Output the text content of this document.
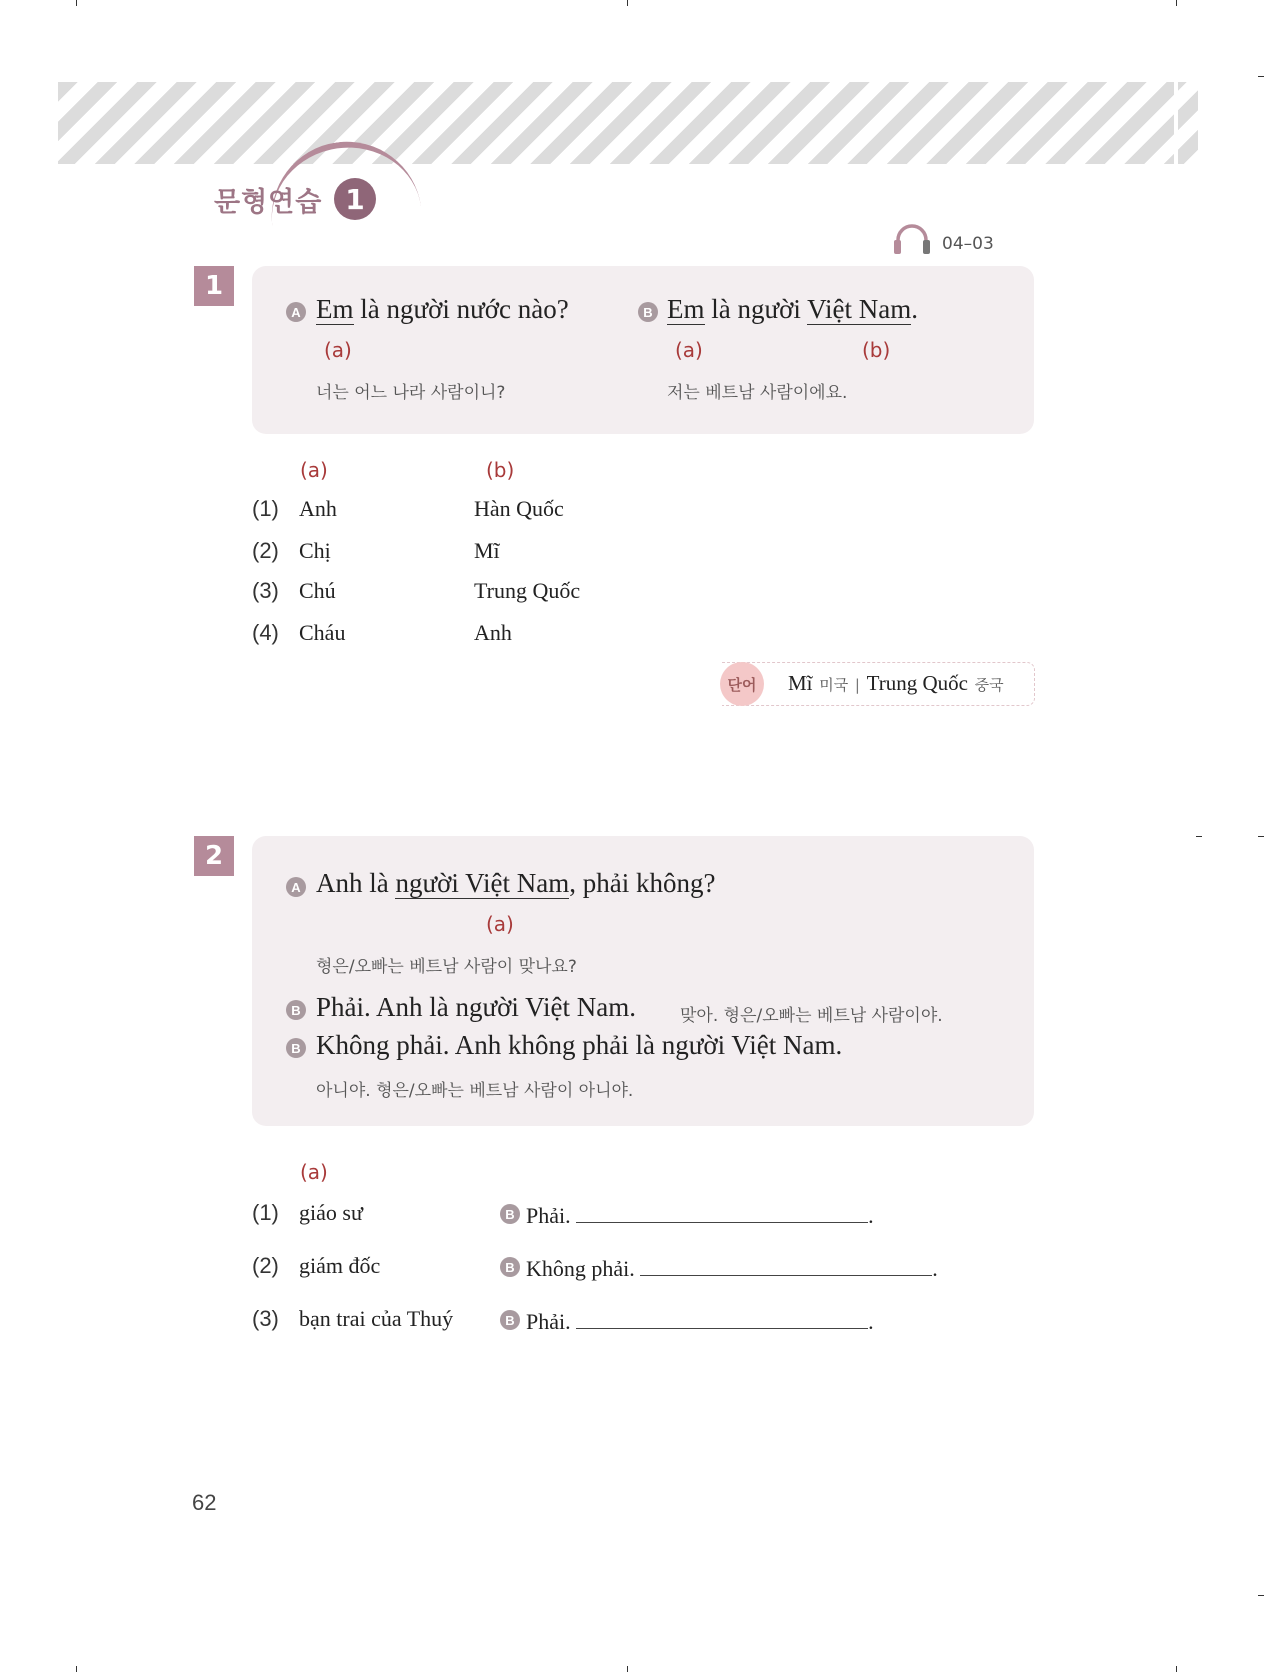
문형연습 1
04–03
1
A Em là người nước nào?
(a)
너는 어느 나라 사람이니?
B Em là người Việt Nam.
(a)	(b)
저는 베트남 사람이에요.
(a)	(b)
(1) Anh	Hàn Quốc
(2) Chị	Mĩ
(3) Chú	Trung Quốc
(4) Cháu	Anh
단어	Mĩ 미국 | Trung Quốc 중국
2
A Anh là người Việt Nam, phải không?
(a)
형은/오빠는 베트남 사람이 맞나요?
B Phải. Anh là người Việt Nam.	맞아. 형은/오빠는 베트남 사람이야.
B Không phải. Anh không phải là người Việt Nam.
아니야. 형은/오빠는 베트남 사람이 아니야.
(a)
(1) giáo sư	B Phải.	.
(2) giám đốc	B Không phải.	.
(3) bạn trai của Thuý	B Phải.	.
62
